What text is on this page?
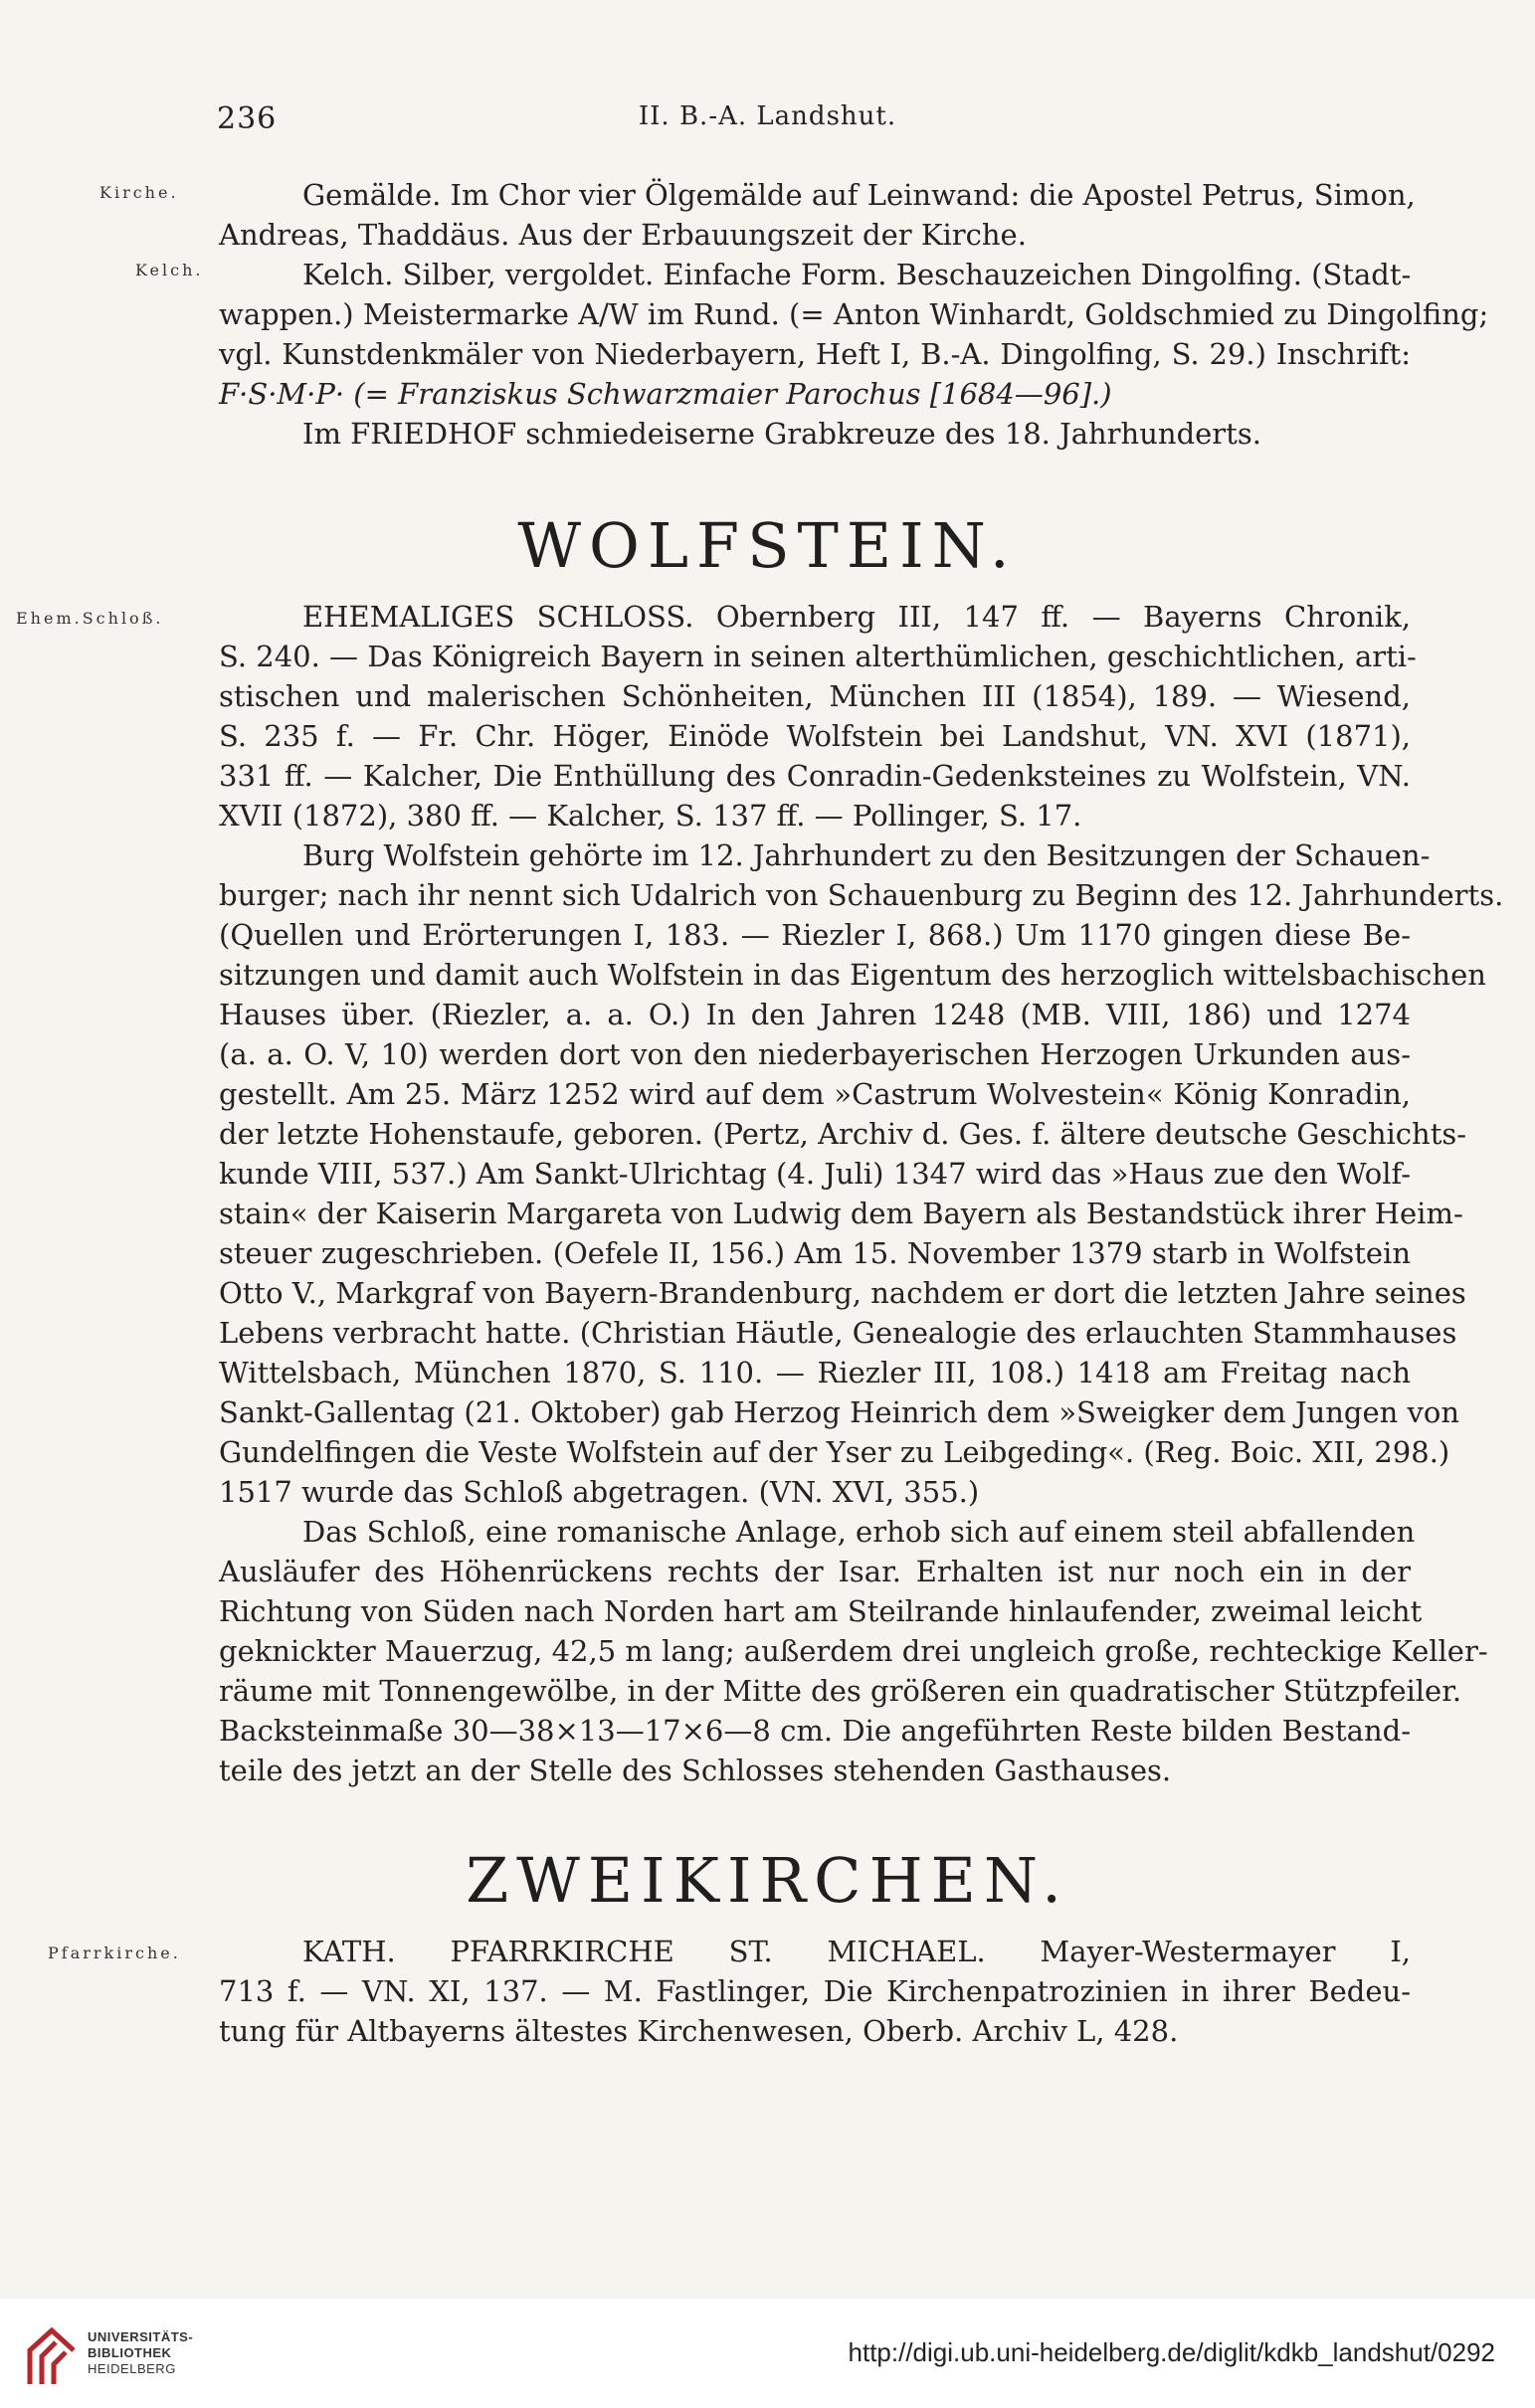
236	II. B.-A. Landshut.
Kirche.
Kelch.
Gemälde. Im Chor vier Ölgemälde auf Leinwand: die Apostel Petrus, Simon,
Andreas, Thaddäus. Aus der Erbauungszeit der Kirche.
Kelch. Silber, vergoldet. Einfache Form. Beschauzeichen Dingolfing. (Stadt-
wappen.) Meistermarke A/W im Rund. (= Anton Winhardt, Goldschmied zu Dingolfing;
vgl. Kunstdenkmäler von Niederbayern, Heft I, B.-A. Dingolfing, S. 29.) Inschrift:
F·S·M·P· (= Franziskus Schwarzmaier Parochus [1684—96].)
Im FRIEDHOF schmiedeiserne Grabkreuze des 18. Jahrhunderts.
WOLFSTEIN.
Ehem.Schloß.	EHEMALIGES SCHLOSS. Obernberg III, 147 ff. — Bayerns Chronik,
S. 240. — Das Königreich Bayern in seinen alterthümlichen, geschichtlichen, arti-
stischen und malerischen Schönheiten, München III (1854), 189. — Wiesend,
S. 235 f. — Fr. Chr. Höger, Einöde Wolfstein bei Landshut, VN. XVI (1871),
331 ff. — Kalcher, Die Enthüllung des Conradin-Gedenksteines zu Wolfstein, VN.
XVII (1872), 380 ff. — Kalcher, S. 137 ff. — Pollinger, S. 17.
Burg Wolfstein gehörte im 12. Jahrhundert zu den Besitzungen der Schauen-
burger; nach ihr nennt sich Udalrich von Schauenburg zu Beginn des 12. Jahrhunderts.
(Quellen und Erörterungen I, 183. — Riezler I, 868.) Um 1170 gingen diese Be-
sitzungen und damit auch Wolfstein in das Eigentum des herzoglich wittelsbachischen
Hauses über. (Riezler, a. a. O.) In den Jahren 1248 (MB. VIII, 186) und 1274
(a. a. O. V, 10) werden dort von den niederbayerischen Herzogen Urkunden aus-
gestellt. Am 25. März 1252 wird auf dem »Castrum Wolvestein« König Konradin,
der letzte Hohenstaufe, geboren. (Pertz, Archiv d. Ges. f. ältere deutsche Geschichts-
kunde VIII, 537.) Am Sankt-Ulrichtag (4. Juli) 1347 wird das »Haus zue den Wolf-
stain« der Kaiserin Margareta von Ludwig dem Bayern als Bestandstück ihrer Heim-
steuer zugeschrieben. (Oefele II, 156.) Am 15. November 1379 starb in Wolfstein
Otto V., Markgraf von Bayern-Brandenburg, nachdem er dort die letzten Jahre seines
Lebens verbracht hatte. (Christian Häutle, Genealogie des erlauchten Stammhauses
Wittelsbach, München 1870, S. 110. — Riezler III, 108.) 1418 am Freitag nach
Sankt-Gallentag (21. Oktober) gab Herzog Heinrich dem »Sweigker dem Jungen von
Gundelfingen die Veste Wolfstein auf der Yser zu Leibgeding«. (Reg. Boic. XII, 298.)
1517 wurde das Schloß abgetragen. (VN. XVI, 355.)
Das Schloß, eine romanische Anlage, erhob sich auf einem steil abfallenden
Ausläufer des Höhenrückens rechts der Isar. Erhalten ist nur noch ein in der
Richtung von Süden nach Norden hart am Steilrande hinlaufender, zweimal leicht
geknickter Mauerzug, 42,5 m lang; außerdem drei ungleich große, rechteckige Keller-
räume mit Tonnengewölbe, in der Mitte des größeren ein quadratischer Stützpfeiler.
Backsteinmaße 30—38×13—17×6—8 cm. Die angeführten Reste bilden Bestand-
teile des jetzt an der Stelle des Schlosses stehenden Gasthauses.
ZWEIKIRCHEN.
Pfarrkirche.	KATH. PFARRKIRCHE ST. MICHAEL. Mayer-Westermayer I,
713 f. — VN. XI, 137. — M. Fastlinger, Die Kirchenpatrozinien in ihrer Bedeu-
tung für Altbayerns ältestes Kirchenwesen, Oberb. Archiv L, 428.
UNIVERSITÄTS-
BIBLIOTHEK
HEIDELBERG
http://digi.ub.uni-heidelberg.de/diglit/kdkb_landshut/0292
